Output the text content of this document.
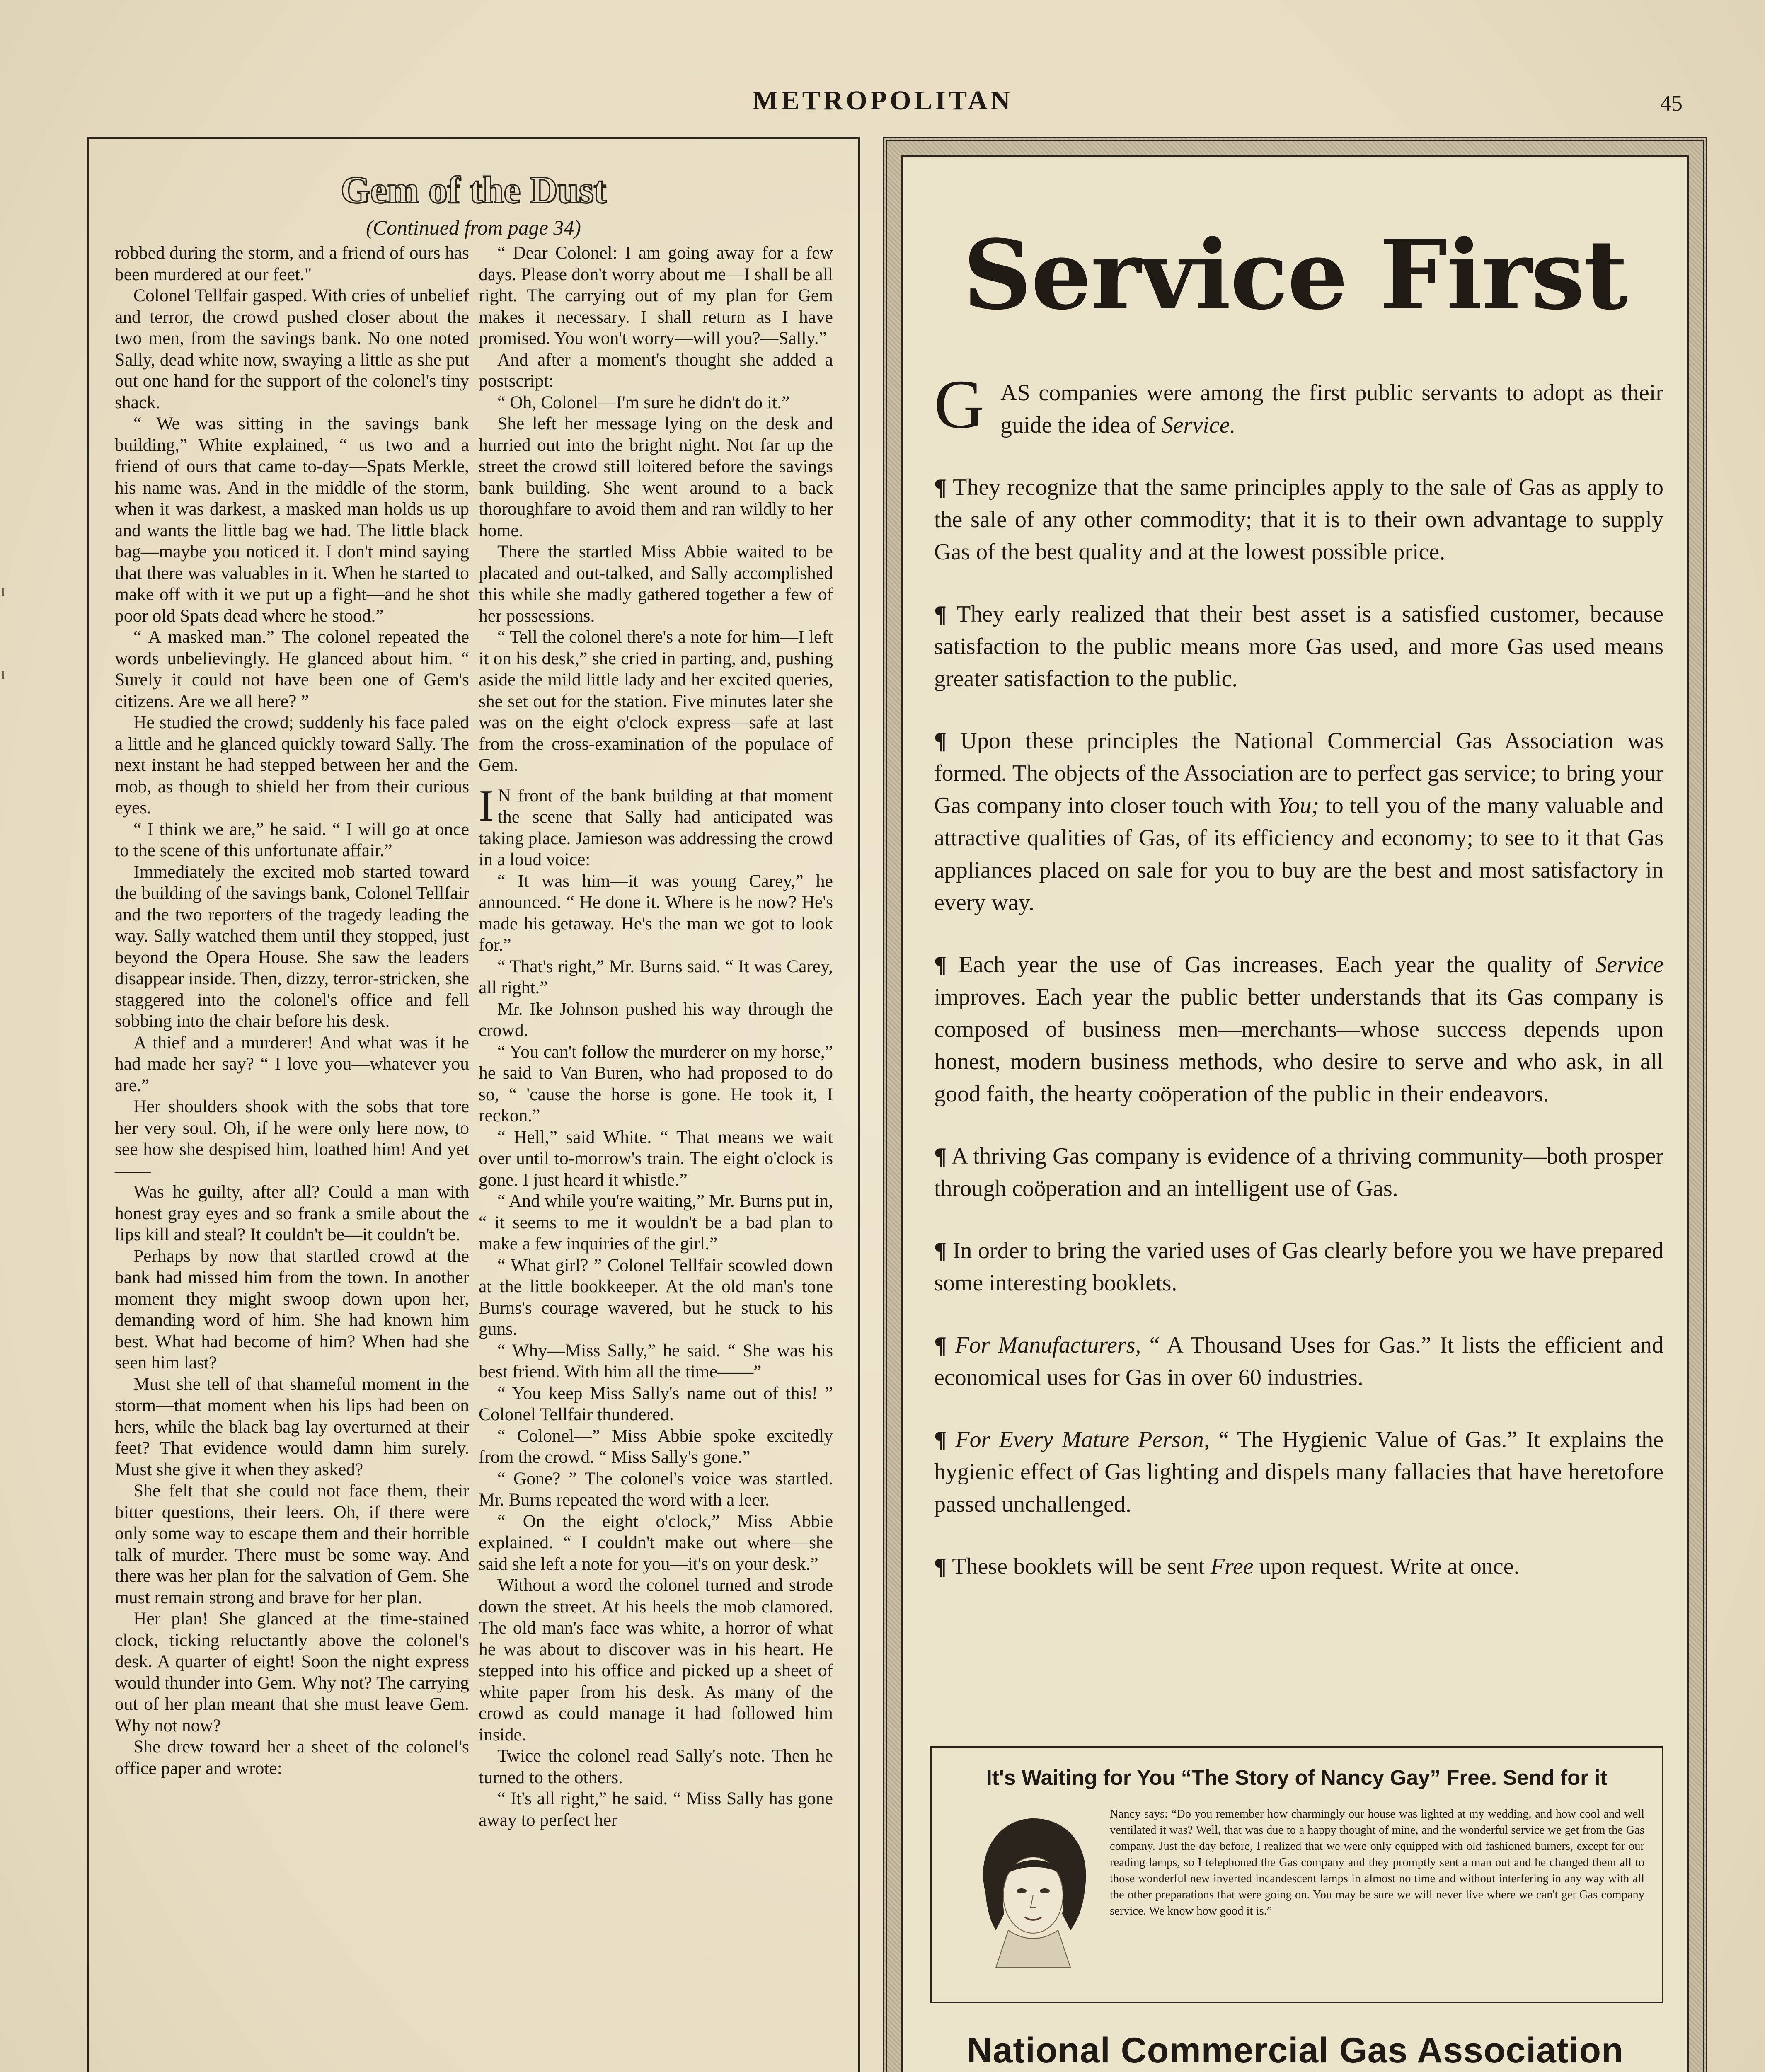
METROPOLITAN	45
Gem of the Dust
(Continued from page 34)

robbed during the storm, and a friend of ours has been murdered at our feet."

Colonel Tellfair gasped. With cries of unbelief and terror, the crowd pushed closer about the two men, from the savings bank. No one noted Sally, dead white now, swaying a little as she put out one hand for the support of the colonel's tiny shack.

“ We was sitting in the savings bank building,” White explained, “ us two and a friend of ours that came to-day—Spats Merkle, his name was. And in the middle of the storm, when it was darkest, a masked man holds us up and wants the little bag we had. The little black bag—maybe you noticed it. I don't mind saying that there was valuables in it. When he started to make off with it we put up a fight—and he shot poor old Spats dead where he stood.”

“ A masked man.” The colonel repeated the words unbelievingly. He glanced about him. “ Surely it could not have been one of Gem's citizens. Are we all here? ”

He studied the crowd; suddenly his face paled a little and he glanced quickly toward Sally. The next instant he had stepped between her and the mob, as though to shield her from their curious eyes.

“ I think we are,” he said. “ I will go at once to the scene of this unfortunate affair.”

Immediately the excited mob started toward the building of the savings bank, Colonel Tellfair and the two reporters of the tragedy leading the way. Sally watched them until they stopped, just beyond the Opera House. She saw the leaders disappear inside. Then, dizzy, terror-stricken, she staggered into the colonel's office and fell sobbing into the chair before his desk.

A thief and a murderer! And what was it he had made her say? “ I love you—whatever you are.”

Her shoulders shook with the sobs that tore her very soul. Oh, if he were only here now, to see how she despised him, loathed him! And yet——

Was he guilty, after all? Could a man with honest gray eyes and so frank a smile about the lips kill and steal? It couldn't be—it couldn't be.

Perhaps by now that startled crowd at the bank had missed him from the town. In another moment they might swoop down upon her, demanding word of him. She had known him best. What had become of him? When had she seen him last?

Must she tell of that shameful moment in the storm—that moment when his lips had been on hers, while the black bag lay overturned at their feet? That evidence would damn him surely. Must she give it when they asked?

She felt that she could not face them, their bitter questions, their leers. Oh, if there were only some way to escape them and their horrible talk of murder. There must be some way. And there was her plan for the salvation of Gem. She must remain strong and brave for her plan.

Her plan! She glanced at the time-stained clock, ticking reluctantly above the colonel's desk. A quarter of eight! Soon the night express would thunder into Gem. Why not? The carrying out of her plan meant that she must leave Gem. Why not now?

She drew toward her a sheet of the colonel's office paper and wrote:

“ Dear Colonel: I am going away for a few days. Please don't worry about me—I shall be all right. The carrying out of my plan for Gem makes it necessary. I shall return as I have promised. You won't worry—will you?—Sally.”

And after a moment's thought she added a postscript:

“ Oh, Colonel—I'm sure he didn't do it.”

She left her message lying on the desk and hurried out into the bright night. Not far up the street the crowd still loitered before the savings bank building. She went around to a back thoroughfare to avoid them and ran wildly to her home.

There the startled Miss Abbie waited to be placated and out-talked, and Sally accomplished this while she madly gathered together a few of her possessions.

“ Tell the colonel there's a note for him—I left it on his desk,” she cried in parting, and, pushing aside the mild little lady and her excited queries, she set out for the station. Five minutes later she was on the eight o'clock express—safe at last from the cross-examination of the populace of Gem.

I N front of the bank building at that moment the scene that Sally had anticipated was taking place. Jamieson was addressing the crowd in a loud voice:

“ It was him—it was young Carey,” he announced. “ He done it. Where is he now? He's made his getaway. He's the man we got to look for.”

“ That's right,” Mr. Burns said. “ It was Carey, all right.”

Mr. Ike Johnson pushed his way through the crowd.

“ You can't follow the murderer on my horse,” he said to Van Buren, who had proposed to do so, “ 'cause the horse is gone. He took it, I reckon.”

“ Hell,” said White. “ That means we wait over until to-morrow's train. The eight o'clock is gone. I just heard it whistle.”

“ And while you're waiting,” Mr. Burns put in, “ it seems to me it wouldn't be a bad plan to make a few inquiries of the girl.”

“ What girl? ” Colonel Tellfair scowled down at the little bookkeeper. At the old man's tone Burns's courage wavered, but he stuck to his guns.

“ Why—Miss Sally,” he said. “ She was his best friend. With him all the time——”

“ You keep Miss Sally's name out of this! ” Colonel Tellfair thundered.

“ Colonel—” Miss Abbie spoke excitedly from the crowd. “ Miss Sally's gone.”

“ Gone? ” The colonel's voice was startled. Mr. Burns repeated the word with a leer.

“ On the eight o'clock,” Miss Abbie explained. “ I couldn't make out where—she said she left a note for you—it's on your desk.”

Without a word the colonel turned and strode down the street. At his heels the mob clamored. The old man's face was white, a horror of what he was about to discover was in his heart. He stepped into his office and picked up a sheet of white paper from his desk. As many of the crowd as could manage it had followed him inside.

Twice the colonel read Sally's note. Then he turned to the others.

“ It's all right,” he said. “ Miss Sally has gone away to perfect her

Service First

G AS companies were among the first public servants to adopt as their guide the idea of Service.

¶ They recognize that the same principles apply to the sale of Gas as apply to the sale of any other commodity; that it is to their own advantage to supply Gas of the best quality and at the lowest possible price.

¶ They early realized that their best asset is a satisfied customer, because satisfaction to the public means more Gas used, and more Gas used means greater satisfaction to the public.

¶ Upon these principles the National Commercial Gas Association was formed. The objects of the Association are to perfect gas service; to bring your Gas company into closer touch with You; to tell you of the many valuable and attractive qualities of Gas, of its efficiency and economy; to see to it that Gas appliances placed on sale for you to buy are the best and most satisfactory in every way.

¶ Each year the use of Gas increases. Each year the quality of Service improves. Each year the public better understands that its Gas company is composed of business men—merchants—whose success depends upon honest, modern business methods, who desire to serve and who ask, in all good faith, the hearty coöperation of the public in their endeavors.

¶ A thriving Gas company is evidence of a thriving community—both prosper through coöperation and an intelligent use of Gas.

¶ In order to bring the varied uses of Gas clearly before you we have prepared some interesting booklets.

¶ For Manufacturers, “ A Thousand Uses for Gas.” It lists the efficient and economical uses for Gas in over 60 industries.

¶ For Every Mature Person, “ The Hygienic Value of Gas.” It explains the hygienic effect of Gas lighting and dispels many fallacies that have heretofore passed unchallenged.

¶ These booklets will be sent Free upon request. Write at once.

It's Waiting for You “The Story of Nancy Gay” Free. Send for it
Nancy says: “Do you remember how charmingly our house was lighted at my wedding, and how cool and well ventilated it was? Well, that was due to a happy thought of mine, and the wonderful service we get from the Gas company. Just the day before, I realized that we were only equipped with old fashioned burners, except for our reading lamps, so I telephoned the Gas company and they promptly sent a man out and he changed them all to those wonderful new inverted incandescent lamps in almost no time and without interfering in any way with all the other preparations that were going on. You may be sure we will never live where we can't get Gas company service. We know how good it is.”
National Commercial Gas Association
